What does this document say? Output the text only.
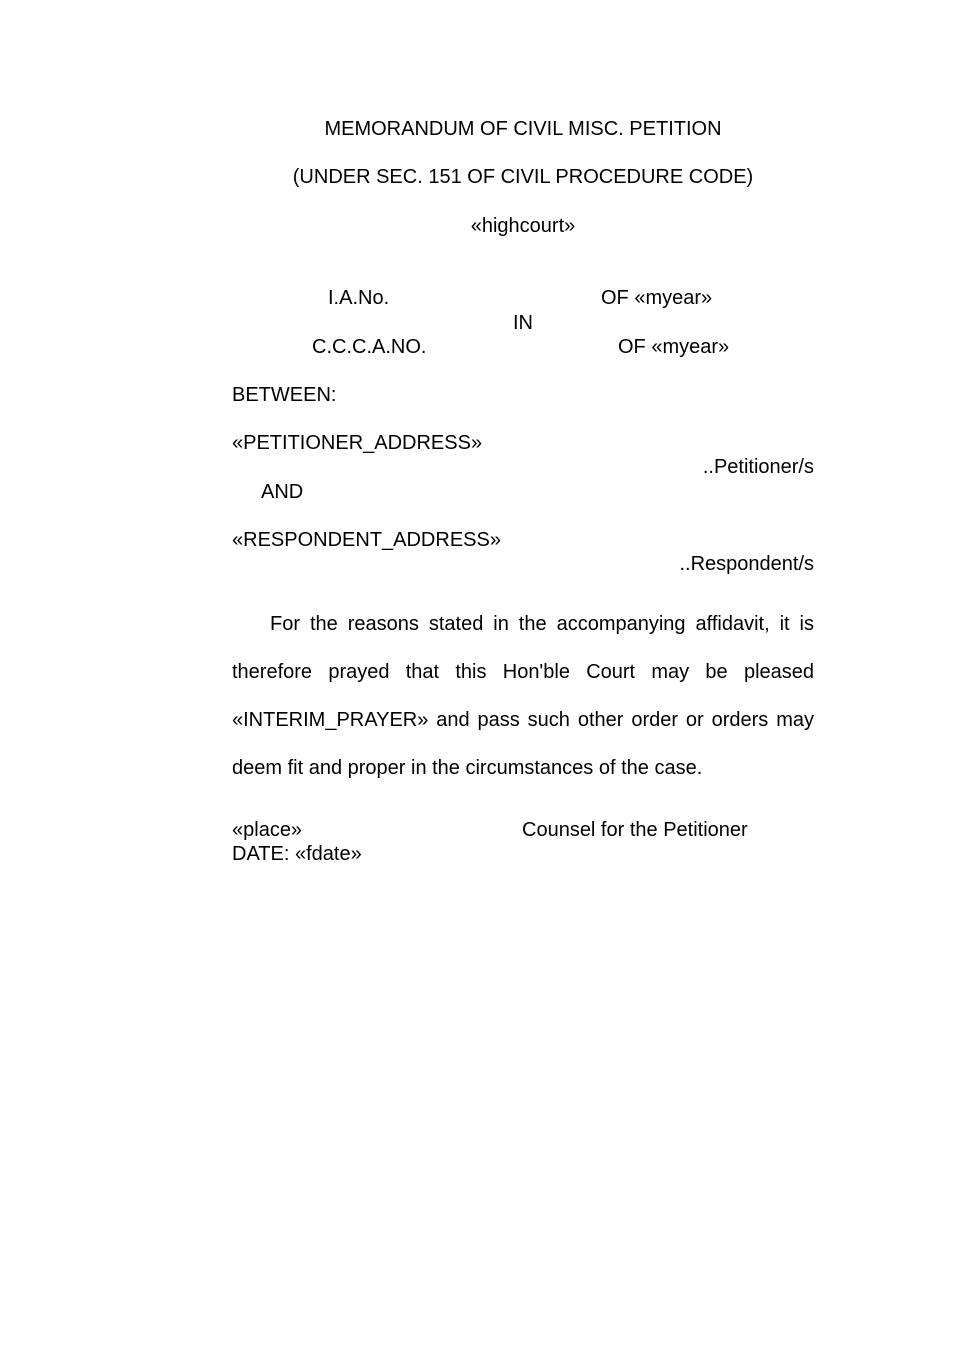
MEMORANDUM OF CIVIL MISC. PETITION
(UNDER SEC. 151 OF CIVIL PROCEDURE CODE)
«highcourt»
I.A.No.	OF «myear»
IN
C.C.C.A.NO.	OF «myear»
BETWEEN:
«PETITIONER_ADDRESS»
..Petitioner/s
AND
«RESPONDENT_ADDRESS»
..Respondent/s
For the reasons stated in the accompanying affidavit, it is therefore prayed that this Hon'ble Court may be pleased «INTERIM_PRAYER» and pass such other order or orders may deem fit and proper in the circumstances of the case.
«place»	Counsel for the Petitioner
DATE: «fdate»
